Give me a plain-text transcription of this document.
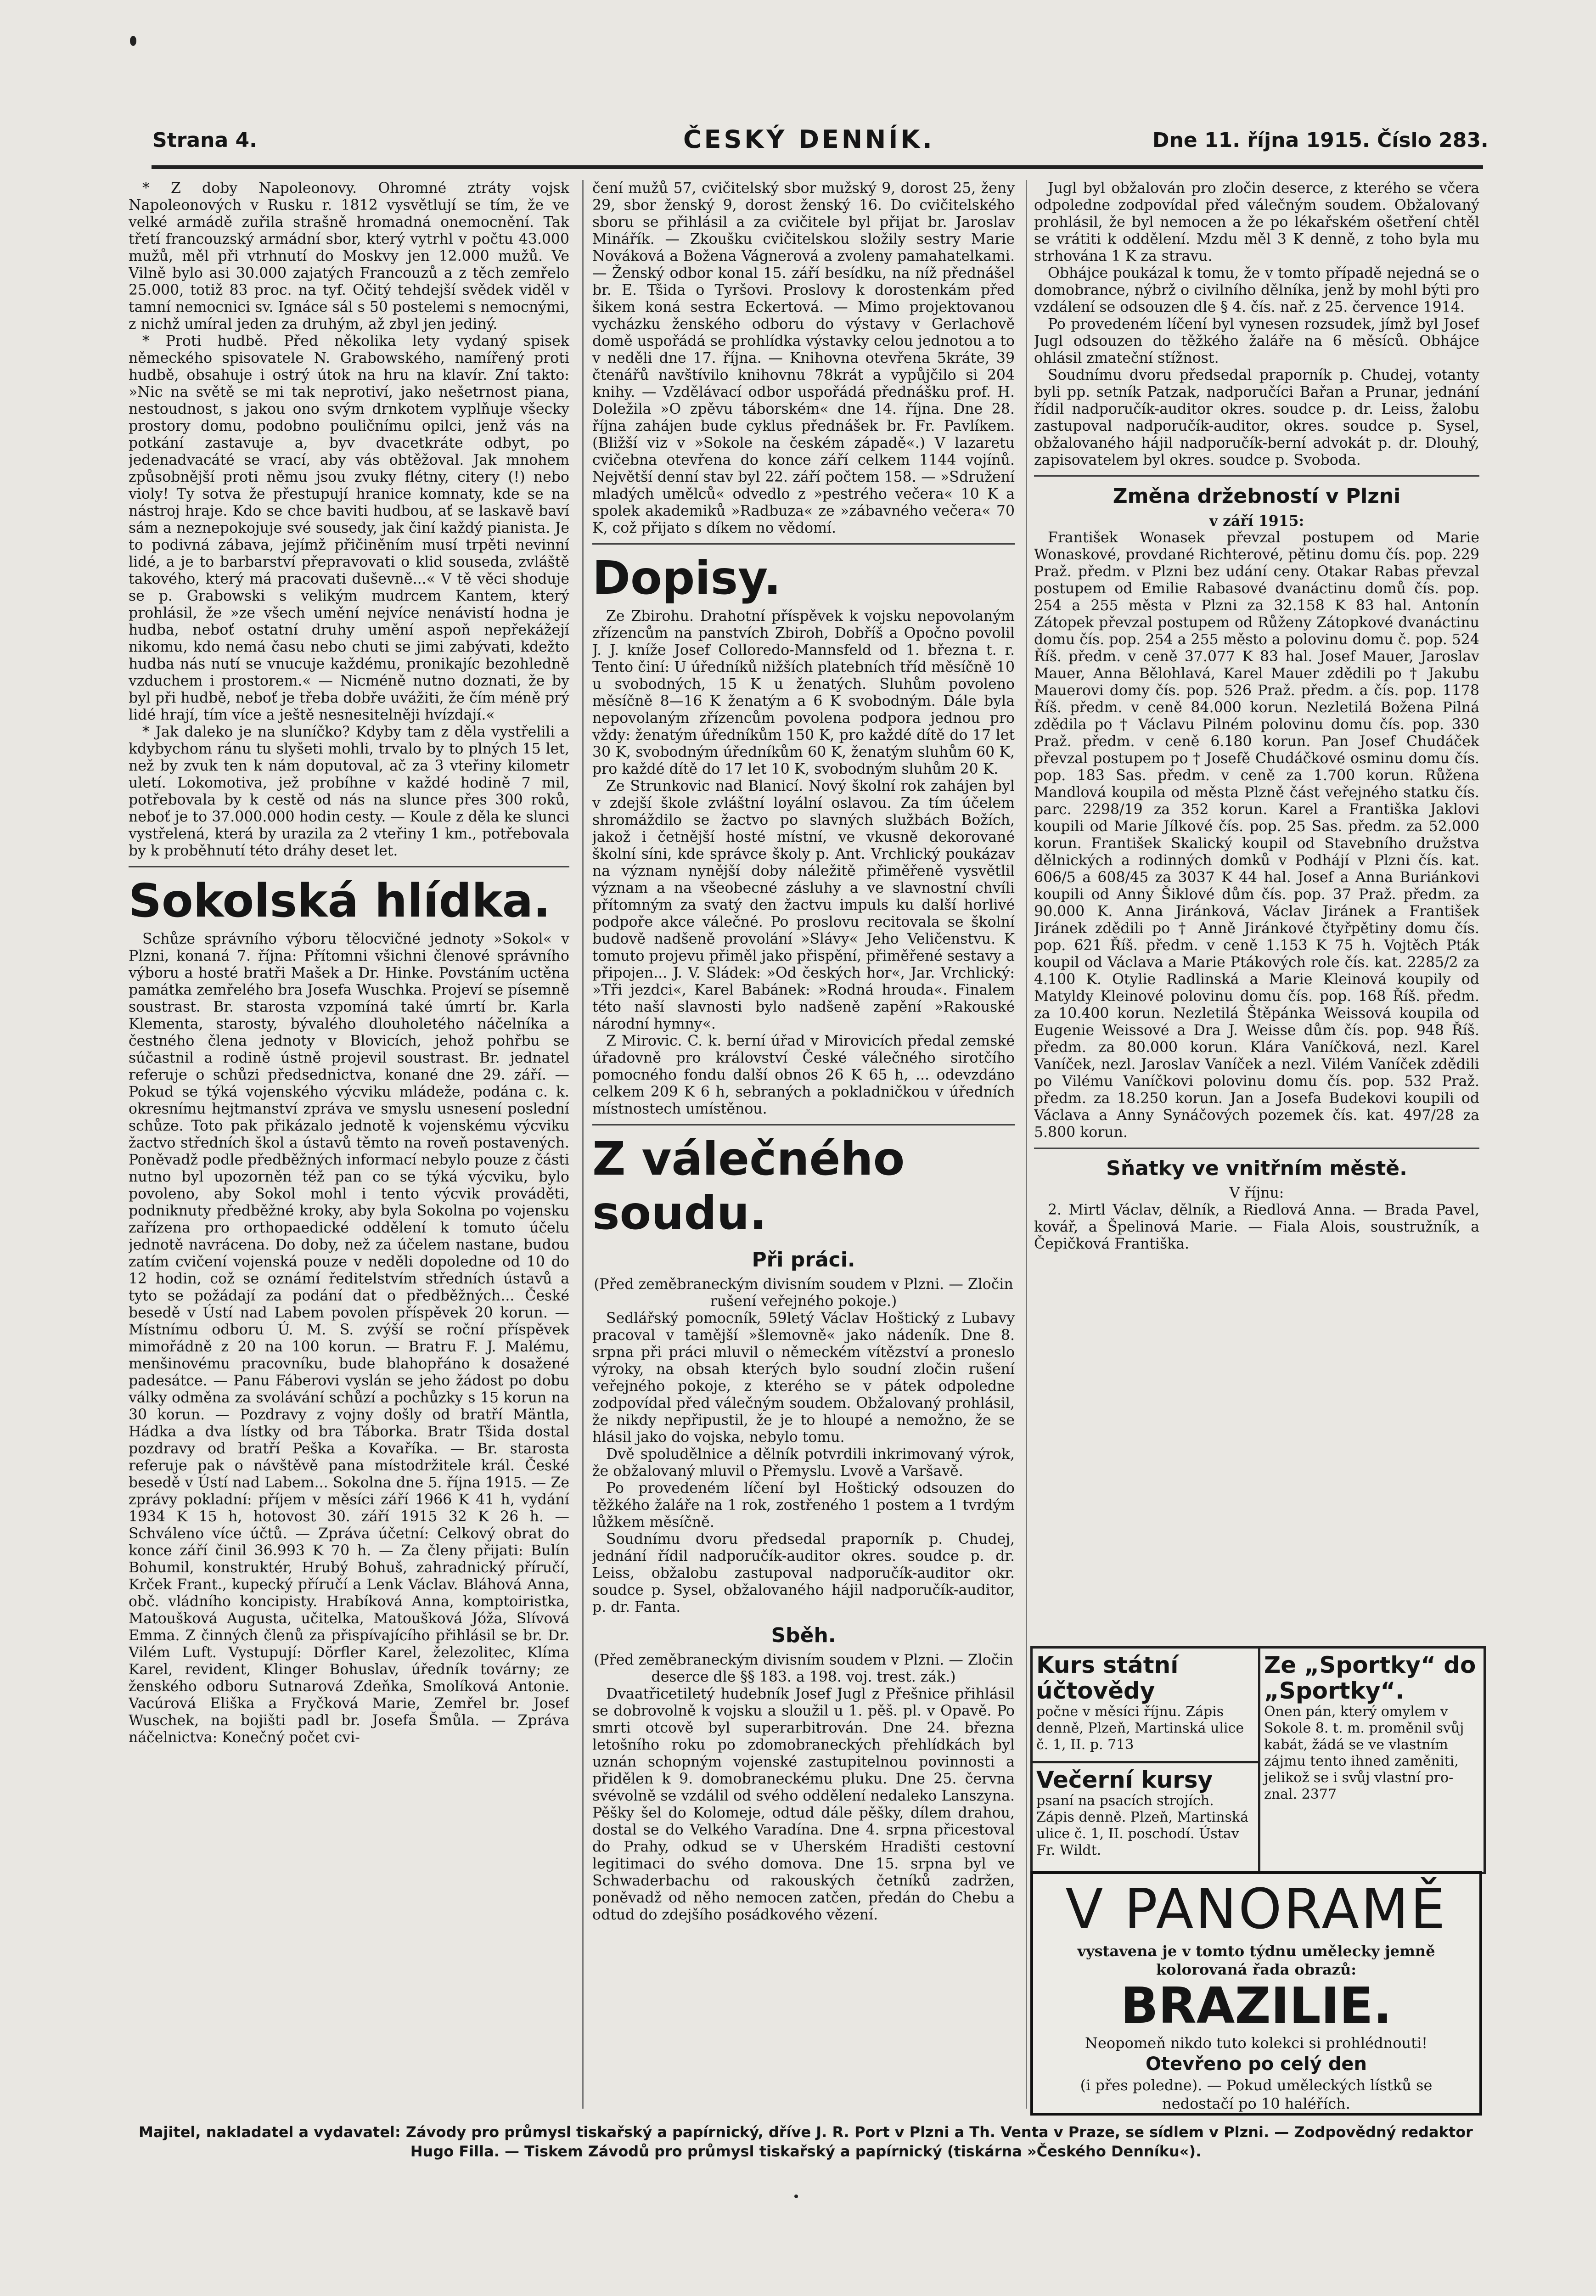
Strana 4.	ČESKÝ DENNÍK.	Dne 11. října 1915. Číslo 283.

* Z doby Napoleonovy. Ohromné ztráty vojsk Napoleonových v Rusku r. 1812 vysvětlují se tím, že ve velké armádě zuřila strašně hromadná onemocnění. Tak třetí francouzský armádní sbor, který vytrhl v počtu 43.000 mužů, měl při vtrhnutí do Moskvy jen 12.000 mužů. Ve Vilně bylo asi 30.000 zajatých Francouzů a z těch zemřelo 25.000, totiž 83 proc. na tyf. Očitý tehdejší svědek viděl v tamní nemocnici sv. Ignáce sál s 50 postelemi s nemocnými, z nichž umíral jeden za druhým, až zbyl jen jediný.

* Proti hudbě. Před několika lety vydaný spisek německého spisovatele N. Grabowského, namířený proti hudbě, obsahuje i ostrý útok na hru na klavír. Zní takto: »Nic na světě se mi tak neprotiví, jako nešetrnost piana, nestoudnost, s jakou ono svým drnkotem vyplňuje všecky prostory domu, podobno pouličnímu opilci, jenž vás na potkání zastavuje a, byv dvacetkráte odbyt, po jedenadvacáté se vrací, aby vás obtěžoval. Jak mnohem způsobnější proti němu jsou zvuky flétny, citery (!) nebo violy! Ty sotva že přestupují hranice komnaty, kde se na nástroj hraje. Kdo se chce baviti hudbou, ať se laskavě baví sám a neznepokojuje své sousedy, jak činí každý pianista. Je to podivná zábava, jejímž přičiněním musí trpěti nevinní lidé, a je to barbarství přepravovati o klid souseda, zvláště takového, který má pracovati duševně...« V tě věci shoduje se p. Grabowski s velikým mudrcem Kantem, který prohlásil, že »ze všech umění nejvíce nenávistí hodna je hudba, neboť ostatní druhy umění aspoň nepřekážejí nikomu, kdo nemá času nebo chuti se jimi zabývati, kdežto hudba nás nutí se vnucuje každému, pronikajíc bezohledně vzduchem i prostorem.« — Nicméně nutno doznati, že by byl při hudbě, neboť je třeba dobře uvážiti, že čím méně prý lidé hrají, tím více a ještě nesnesitelněji hvízdají.«

* Jak daleko je na sluníčko? Kdyby tam z děla vystřelili a kdybychom ránu tu slyšeti mohli, trvalo by to plných 15 let, než by zvuk ten k nám doputoval, ač za 3 vteřiny kilometr uletí. Lokomotiva, jež probíhne v každé hodině 7 mil, potřebovala by k cestě od nás na slunce přes 300 roků, neboť je to 37.000.000 hodin cesty. — Koule z děla ke slunci vystřelená, která by urazila za 2 vteřiny 1 km., potřebovala by k proběhnutí této dráhy deset let.

Sokolská hlídka.

Schůze správního výboru tělocvičné jednoty »Sokol« v Plzni, konaná 7. října: Přítomni všichni členové správního výboru a hosté bratři Mašek a Dr. Hinke. Povstáním uctěna památka zemřelého bra Josefa Wuschka. Projeví se písemně soustrast. Br. starosta vzpomíná také úmrtí br. Karla Klementa, starosty, bývalého dlouholetého náčelníka a čestného člena jednoty v Blovicích, jehož pohřbu se súčastnil a rodině ústně projevil soustrast. Br. jednatel referuje o schůzi předsednictva, konané dne 29. září. — Pokud se týká vojenského výcviku mládeže, podána c. k. okresnímu hejtmanství zpráva ve smyslu usnesení poslední schůze. Toto pak přikázalo jednotě k vojenskému výcviku žactvo středních škol a ústavů těmto na roveň postavených. Poněvadž podle předběžných informací nebylo pouze z části nutno byl upozorněn též pan co se týká výcviku, bylo povoleno, aby Sokol mohl i tento výcvik prováděti, podniknuty předběžné kroky, aby byla Sokolna po vojensku zařízena pro orthopaedické oddělení k tomuto účelu jednotě navrácena. Do doby, než za účelem nastane, budou zatím cvičení vojenská pouze v neděli dopoledne od 10 do 12 hodin, což se oznámí ředitelstvím středních ústavů a tyto se požádají za podání dat o předběžných... České besedě v Ústí nad Labem povolen příspěvek 20 korun. — Místnímu odboru Ú. M. S. zvýší se roční příspěvek mimořádně z 20 na 100 korun. — Bratru F. J. Malému, menšinovému pracovníku, bude blahopřáno k dosažené padesátce. — Panu Fáberovi vyslán se jeho žádost po dobu války odměna za svolávání schůzí a pochůzky s 15 korun na 30 korun. — Pozdravy z vojny došly od bratří Mäntla, Hádka a dva lístky od bra Táborka. Bratr Tšida dostal pozdravy od bratří Peška a Kovaříka. — Br. starosta referuje pak o návštěvě pana místodržitele král. České besedě v Ústí nad Labem... Sokolna dne 5. října 1915. — Ze zprávy pokladní: příjem v měsíci září 1966 K 41 h, vydání 1934 K 15 h, hotovost 30. září 1915 32 K 26 h. — Schváleno více účtů. — Zpráva účetní: Celkový obrat do konce září činil 36.993 K 70 h. — Za členy přijati: Bulín Bohumil, konstruktér, Hrubý Bohuš, zahradnický příručí, Krček Frant., kupecký příručí a Lenk Václav. Bláhová Anna, obč. vládního koncipisty. Hrabíková Anna, komptoiristka, Matoušková Augusta, učitelka, Matoušková Jóža, Slívová Emma. Z činných členů za přispívajícího přihlásil se br. Dr. Vilém Luft. Vystupují: Dörfler Karel, železolitec, Klíma Karel, revident, Klinger Bohuslav, úředník továrny; ze ženského odboru Sutnarová Zdeňka, Smolíková Antonie. Vacúrová Eliška a Fryčková Marie, Zemřel br. Josef Wuschek, na bojišti padl br. Josefa Šmůla. — Zpráva náčelnictva: Konečný počet cvi-

čení mužů 57, cvičitelský sbor mužský 9, dorost 25, ženy 29, sbor ženský 9, dorost ženský 16. Do cvičitelského sboru se přihlásil a za cvičitele byl přijat br. Jaroslav Minářík. — Zkoušku cvičitelskou složily sestry Marie Nováková a Božena Vágnerová a zvoleny pamahatelkami. — Ženský odbor konal 15. září besídku, na níž přednášel br. E. Tšida o Tyršovi. Proslovy k dorostenkám před šikem koná sestra Eckertová. — Mimo projektovanou vycházku ženského odboru do výstavy v Gerlachově domě uspořádá se prohlídka výstavky celou jednotou a to v neděli dne 17. října. — Knihovna otevřena 5kráte, 39 čtenářů navštívilo knihovnu 78krát a vypůjčilo si 204 knihy. — Vzdělávací odbor uspořádá přednášku prof. H. Doležila »O zpěvu táborském« dne 14. října. Dne 28. října zahájen bude cyklus přednášek br. Fr. Pavlíkem. (Bližší viz v »Sokole na českém západě«.) V lazaretu cvičebna otevřena do konce září celkem 1144 vojínů. Největší denní stav byl 22. září počtem 158. — »Sdružení mladých umělců« odvedlo z »pestrého večera« 10 K a spolek akademiků »Radbuza« ze »zábavného večera« 70 K, což přijato s díkem no vědomí.

Dopisy.

Ze Zbirohu. Drahotní příspěvek k vojsku nepovolaným zřízencům na panstvích Zbiroh, Dobříš a Opočno povolil J. J. kníže Josef Colloredo-Mannsfeld od 1. března t. r. Tento činí: U úředníků nižších platebních tříd měsíčně 10 u svobodných, 15 K u ženatých. Sluhům povoleno měsíčně 8—16 K ženatým a 6 K svobodným. Dále byla nepovolaným zřízencům povolena podpora jednou pro vždy: ženatým úředníkům 150 K, pro každé dítě do 17 let 30 K, svobodným úředníkům 60 K, ženatým sluhům 60 K, pro každé dítě do 17 let 10 K, svobodným sluhům 20 K.

Ze Strunkovic nad Blanicí. Nový školní rok zahájen byl v zdejší škole zvláštní loyální oslavou. Za tím účelem shromáždilo se žactvo po slavných službách Božích, jakož i četnější hosté místní, ve vkusně dekorované školní síni, kde správce školy p. Ant. Vrchlický poukázav na význam nynější doby náležitě přiměřeně vysvětlil význam a na všeobecné zásluhy a ve slavnostní chvíli přítomným za svatý den žactvu impuls ku další horlivé podpoře akce válečné. Po proslovu recitovala se školní budově nadšeně provolání »Slávy« Jeho Veličenstvu. K tomuto projevu přiměl jako přispění, přiměřené sestavy a připojen... J. V. Sládek: »Od českých hor«, Jar. Vrchlický: »Tři jezdci«, Karel Babánek: »Rodná hrouda«. Finalem této naší slavnosti bylo nadšeně zapění »Rakouské národní hymny«.

Z Mirovic. C. k. berní úřad v Mirovicích předal zemské úřadovně pro království České válečného sirotčího pomocného fondu další obnos 26 K 65 h, ... odevzdáno celkem 209 K 6 h, sebraných a pokladničkou v úředních místnostech umístěnou.

Z válečného soudu.
Při práci.

(Před zeměbraneckým divisním soudem v Plzni. — Zločin rušení veřejného pokoje.)

Sedlářský pomocník, 59letý Václav Hoštický z Lubavy pracoval v tamější »šlemovně« jako nádeník. Dne 8. srpna při práci mluvil o německém vítězství a proneslo výroky, na obsah kterých bylo soudní zločin rušení veřejného pokoje, z kterého se v pátek odpoledne zodpovídal před válečným soudem. Obžalovaný prohlásil, že nikdy nepřipustil, že je to hloupé a nemožno, že se hlásil jako do vojska, nebylo tomu.

Dvě spoludělnice a dělník potvrdili inkrimovaný výrok, že obžalovaný mluvil o Přemyslu. Lvově a Varšavě.

Po provedeném líčení byl Hoštický odsouzen do těžkého žaláře na 1 rok, zostřeného 1 postem a 1 tvrdým lůžkem měsíčně.

Soudnímu dvoru předsedal praporník p. Chudej, jednání řídil nadporučík-auditor okres. soudce p. dr. Leiss, obžalobu zastupoval nadporučík-auditor okr. soudce p. Sysel, obžalovaného hájil nadporučík-auditor, p. dr. Fanta.

Sběh.

(Před zeměbraneckým divisním soudem v Plzni. — Zločin deserce dle §§ 183. a 198. voj. trest. zák.)

Dvaatřicetiletý hudebník Josef Jugl z Přešnice přihlásil se dobrovolně k vojsku a sloužil u 1. pěš. pl. v Opavě. Po smrti otcově byl superarbitrován. Dne 24. března letošního roku po zdomobraneckých přehlídkách byl uznán schopným vojenské zastupitelnou povinnosti a přidělen k 9. domobraneckému pluku. Dne 25. června svévolně se vzdálil od svého oddělení nedaleko Lanszyna. Pěšky šel do Kolomeje, odtud dále pěšky, dílem drahou, dostal se do Velkého Varadína. Dne 4. srpna přicestoval do Prahy, odkud se v Uherském Hradišti cestovní legitimaci do svého domova. Dne 15. srpna byl ve Schwaderbachu od rakouských četníků zadržen, poněvadž od něho nemocen zatčen, předán do Chebu a odtud do zdejšího posádkového vězení.

Jugl byl obžalován pro zločin deserce, z kterého se včera odpoledne zodpovídal před válečným soudem. Obžalovaný prohlásil, že byl nemocen a že po lékařském ošetření chtěl se vrátiti k oddělení. Mzdu měl 3 K denně, z toho byla mu strhována 1 K za stravu.

Obhájce poukázal k tomu, že v tomto případě nejedná se o domobrance, nýbrž o civilního dělníka, jenž by mohl býti pro vzdálení se odsouzen dle § 4. čís. nař. z 25. července 1914.

Po provedeném líčení byl vynesen rozsudek, jímž byl Josef Jugl odsouzen do těžkého žaláře na 6 měsíců. Obhájce ohlásil zmateční stížnost.

Soudnímu dvoru předsedal praporník p. Chudej, votanty byli pp. setník Patzak, nadporučíci Bařan a Prunar, jednání řídil nadporučík-auditor okres. soudce p. dr. Leiss, žalobu zastupoval nadporučík-auditor, okres. soudce p. Sysel, obžalovaného hájil nadporučík-berní advokát p. dr. Dlouhý, zapisovatelem byl okres. soudce p. Svoboda.

Změna držebností v Plzni

v září 1915:

František Wonasek převzal postupem od Marie Wonaskové, provdané Richterové, pětinu domu čís. pop. 229 Praž. předm. v Plzni bez udání ceny. Otakar Rabas převzal postupem od Emilie Rabasové dvanáctinu domů čís. pop. 254 a 255 města v Plzni za 32.158 K 83 hal. Antonín Zátopek převzal postupem od Růženy Zátopkové dvanáctinu domu čís. pop. 254 a 255 město a polovinu domu č. pop. 524 Říš. předm. v ceně 37.077 K 83 hal. Josef Mauer, Jaroslav Mauer, Anna Bělohlavá, Karel Mauer zdědili po † Jakubu Mauerovi domy čís. pop. 526 Praž. předm. a čís. pop. 1178 Říš. předm. v ceně 84.000 korun. Nezletilá Božena Pilná zdědila po † Václavu Pilném polovinu domu čís. pop. 330 Praž. předm. v ceně 6.180 korun. Pan Josef Chudáček převzal postupem po † Josefě Chudáčkové osminu domu čís. pop. 183 Sas. předm. v ceně za 1.700 korun. Růžena Mandlová koupila od města Plzně část veřejného statku čís. parc. 2298/19 za 352 korun. Karel a Františka Jaklovi koupili od Marie Jílkové čís. pop. 25 Sas. předm. za 52.000 korun. František Skalický koupil od Stavebního družstva dělnických a rodinných domků v Podhájí v Plzni čís. kat. 606/5 a 608/45 za 3037 K 44 hal. Josef a Anna Buriánkovi koupili od Anny Šiklové dům čís. pop. 37 Praž. předm. za 90.000 K. Anna Jiránková, Václav Jiránek a František Jiránek zdědili po † Anně Jiránkové čtyřpětiny domu čís. pop. 621 Říš. předm. v ceně 1.153 K 75 h. Vojtěch Pták koupil od Václava a Marie Ptákových role čís. kat. 2285/2 za 4.100 K. Otylie Radlinská a Marie Kleinová koupily od Matyldy Kleinové polovinu domu čís. pop. 168 Říš. předm. za 10.400 korun. Nezletilá Štěpánka Weissová koupila od Eugenie Weissové a Dra J. Weisse dům čís. pop. 948 Říš. předm. za 80.000 korun. Klára Vaníčková, nezl. Karel Vaníček, nezl. Jaroslav Vaníček a nezl. Vilém Vaníček zdědili po Vilému Vaníčkovi polovinu domu čís. pop. 532 Praž. předm. za 18.250 korun. Jan a Josefa Budekovi koupili od Václava a Anny Synáčových pozemek čís. kat. 497/28 za 5.800 korun.

Sňatky ve vnitřním městě.

V říjnu:

2. Mirtl Václav, dělník, a Riedlová Anna. — Brada Pavel, kovář, a Špelinová Marie. — Fiala Alois, soustružník, a Čepičková Františka.

Kurs státní účtovědy
počne v měsíci říjnu. Zápis denně, Plzeň, Martinská ulice č. 1, II. p. 713
Večerní kursy
psaní na psacích strojích. Zápis denně. Plzeň, Martinská ulice č. 1, II. poschodí. Ústav Fr. Wildt.
Ze „Sportky“ do „Sportky“.
Onen pán, který omylem v Sokole 8. t. m. proměnil svůj kabát, žádá se ve vlastním zájmu tento ihned zaměniti, jelikož se i svůj vlastní pro-znal. 2377
V PANORAMĚ
vystavena je v tomto týdnu umělecky jemně kolorovaná řada obrazů:
BRAZILIE.
Neopomeň nikdo tuto kolekci si prohlédnouti!
Otevřeno po celý den
(i přes poledne). — Pokud uměleckých lístků se nedostačí po 10 haléřích.
Majitel, nakladatel a vydavatel: Závody pro průmysl tiskařský a papírnický, dříve J. R. Port v Plzni a Th. Venta v Praze, se sídlem v Plzni. — Zodpovědný redaktor Hugo Filla. — Tiskem Závodů pro průmysl tiskařský a papírnický (tiskárna »Českého Denníku«).
